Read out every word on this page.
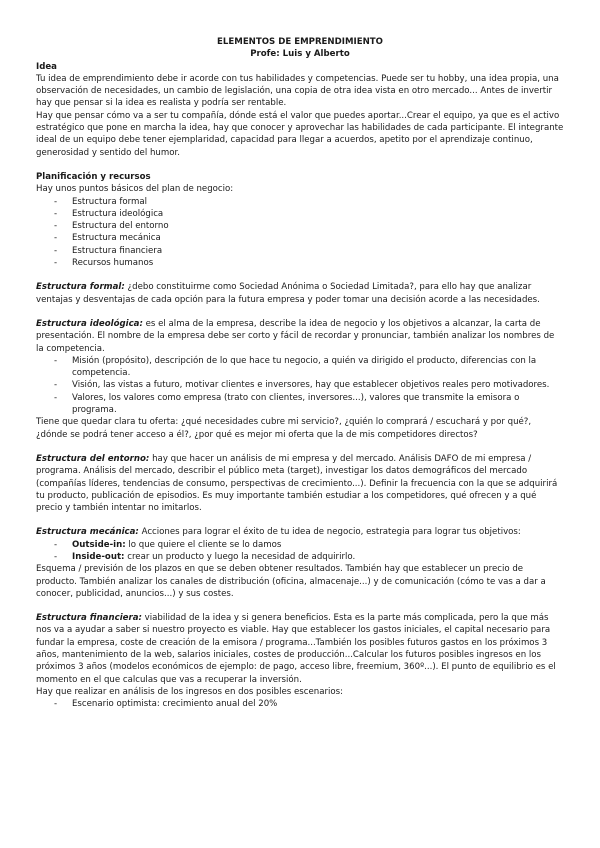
ELEMENTOS DE EMPRENDIMIENTO

Profe: Luis y Alberto

Idea

Tu idea de emprendimiento debe ir acorde con tus habilidades y competencias. Puede ser tu hobby, una idea propia, una observación de necesidades, un cambio de legislación, una copia de otra idea vista en otro mercado... Antes de invertir hay que pensar si la idea es realista y podría ser rentable.

Hay que pensar cómo va a ser tu compañía, dónde está el valor que puedes aportar...Crear el equipo, ya que es el activo estratégico que pone en marcha la idea, hay que conocer y aprovechar las habilidades de cada participante. El integrante ideal de un equipo debe tener ejemplaridad, capacidad para llegar a acuerdos, apetito por el aprendizaje continuo, generosidad y sentido del humor.

Planificación y recursos

Hay unos puntos básicos del plan de negocio:

- Estructura formal
- Estructura ideológica
- Estructura del entorno
- Estructura mecánica
- Estructura financiera
- Recursos humanos

Estructura formal: ¿debo constituirme como Sociedad Anónima o Sociedad Limitada?, para ello hay que analizar ventajas y desventajas de cada opción para la futura empresa y poder tomar una decisión acorde a las necesidades.

Estructura ideológica: es el alma de la empresa, describe la idea de negocio y los objetivos a alcanzar, la carta de presentación. El nombre de la empresa debe ser corto y fácil de recordar y pronunciar, también analizar los nombres de la competencia.

- Misión (propósito), descripción de lo que hace tu negocio, a quién va dirigido el producto, diferencias con la competencia.
- Visión, las vistas a futuro, motivar clientes e inversores, hay que establecer objetivos reales pero motivadores.
- Valores, los valores como empresa (trato con clientes, inversores...), valores que transmite la emisora o programa.

Tiene que quedar clara tu oferta: ¿qué necesidades cubre mi servicio?, ¿quién lo comprará / escuchará y por qué?, ¿dónde se podrá tener acceso a él?, ¿por qué es mejor mi oferta que la de mis competidores directos?

Estructura del entorno: hay que hacer un análisis de mi empresa y del mercado. Análisis DAFO de mi empresa / programa. Análisis del mercado, describir el público meta (target), investigar los datos demográficos del mercado (compañías líderes, tendencias de consumo, perspectivas de crecimiento...). Definir la frecuencia con la que se adquirirá tu producto, publicación de episodios. Es muy importante también estudiar a los competidores, qué ofrecen y a qué precio y también intentar no imitarlos.

Estructura mecánica: Acciones para lograr el éxito de tu idea de negocio, estrategia para lograr tus objetivos:

- Outside-in: lo que quiere el cliente se lo damos
- Inside-out: crear un producto y luego la necesidad de adquirirlo.

Esquema / previsión de los plazos en que se deben obtener resultados. También hay que establecer un precio de producto. También analizar los canales de distribución (oficina, almacenaje...) y de comunicación (cómo te vas a dar a conocer, publicidad, anuncios...) y sus costes.

Estructura financiera: viabilidad de la idea y si genera beneficios. Esta es la parte más complicada, pero la que más nos va a ayudar a saber si nuestro proyecto es viable. Hay que establecer los gastos iniciales, el capital necesario para fundar la empresa, coste de creación de la emisora / programa...También los posibles futuros gastos en los próximos 3 años, mantenimiento de la web, salarios iniciales, costes de producción...Calcular los futuros posibles ingresos en los próximos 3 años (modelos económicos de ejemplo: de pago, acceso libre, freemium, 360º...). El punto de equilibrio es el momento en el que calculas que vas a recuperar la inversión.

Hay que realizar en análisis de los ingresos en dos posibles escenarios:

- Escenario optimista: crecimiento anual del 20%
